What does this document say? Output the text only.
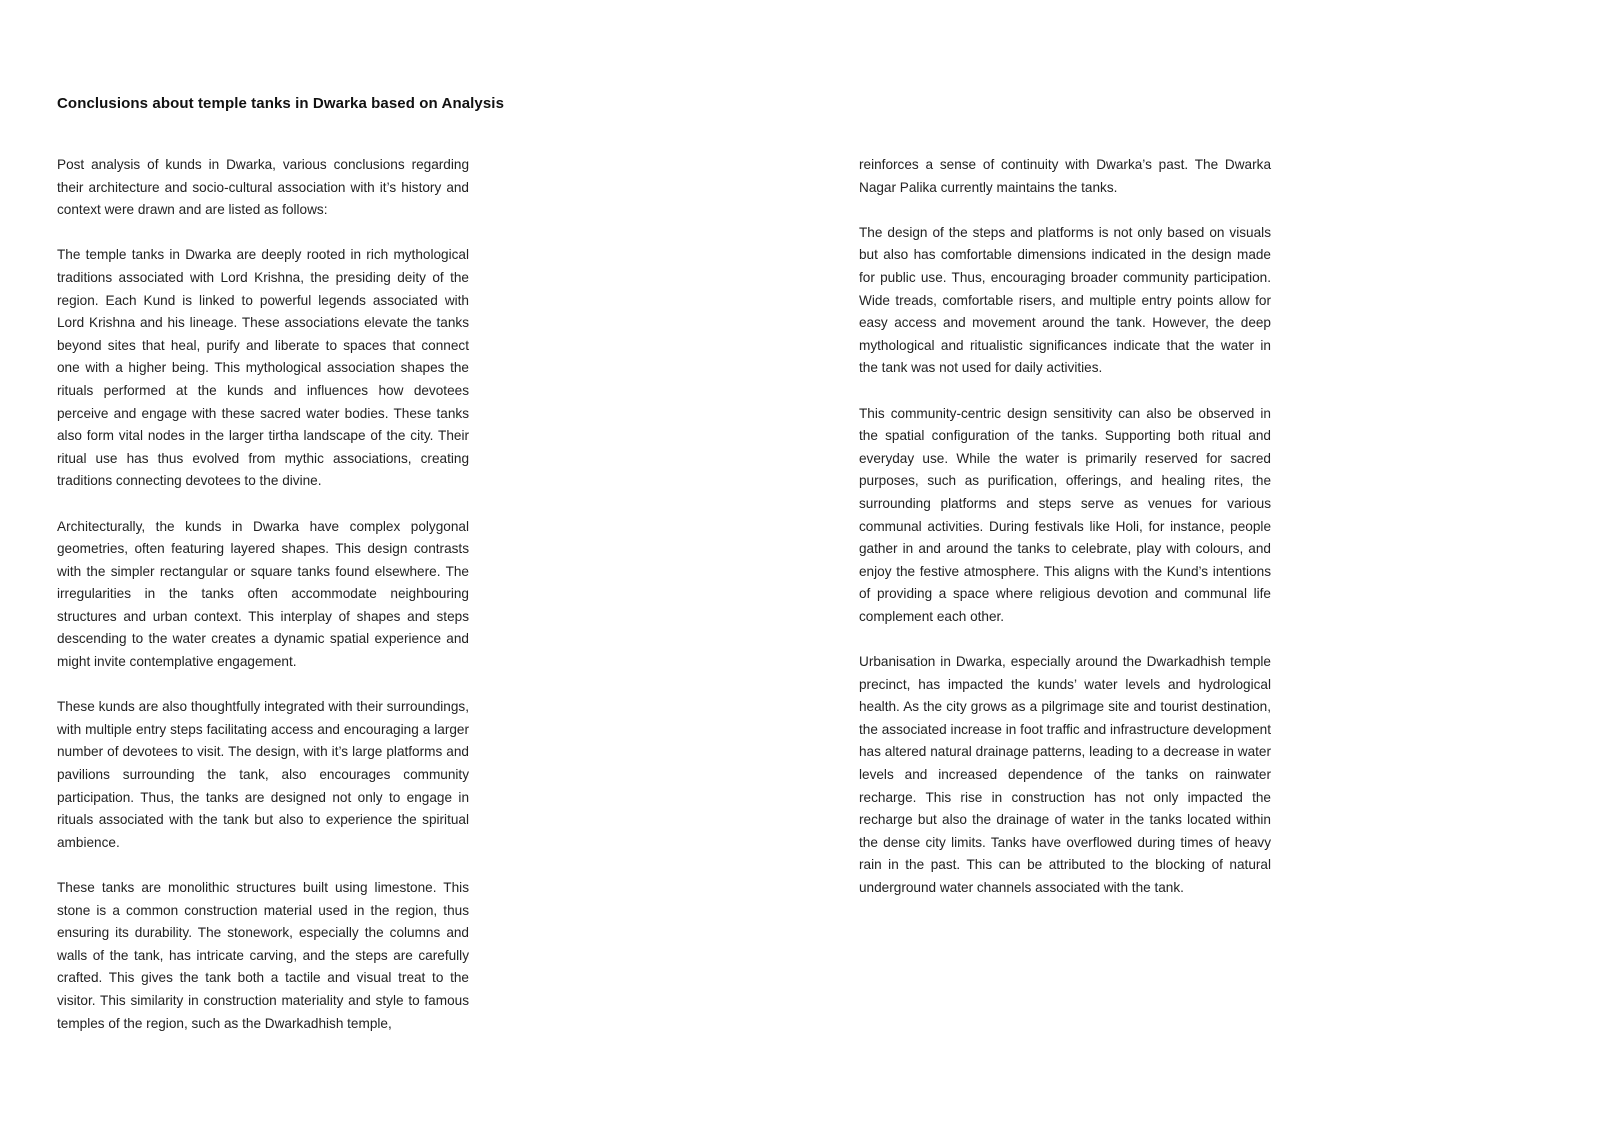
Conclusions about temple tanks in Dwarka based on Analysis

Post analysis of kunds in Dwarka, various conclusions regarding their architecture and socio-cultural association with it’s history and context were drawn and are listed as follows:

The temple tanks in Dwarka are deeply rooted in rich mythological traditions associated with Lord Krishna, the presiding deity of the region. Each Kund is linked to powerful legends associated with Lord Krishna and his lineage. These associations elevate the tanks beyond sites that heal, purify and liberate to spaces that connect one with a higher being. This mythological association shapes the rituals performed at the kunds and influences how devotees perceive and engage with these sacred water bodies. These tanks also form vital nodes in the larger tirtha landscape of the city. Their ritual use has thus evolved from mythic associations, creating traditions connecting devotees to the divine.

Architecturally, the kunds in Dwarka have complex polygonal geometries, often featuring layered shapes. This design contrasts with the simpler rectangular or square tanks found elsewhere. The irregularities in the tanks often accommodate neighbouring structures and urban context. This interplay of shapes and steps descending to the water creates a dynamic spatial experience and might invite contemplative engagement.

These kunds are also thoughtfully integrated with their surroundings, with multiple entry steps facilitating access and encouraging a larger number of devotees to visit. The design, with it’s large platforms and pavilions surrounding the tank, also encourages community participation. Thus, the tanks are designed not only to engage in rituals associated with the tank but also to experience the spiritual ambience.

These tanks are monolithic structures built using limestone. This stone is a common construction material used in the region, thus ensuring its durability. The stonework, especially the columns and walls of the tank, has intricate carving, and the steps are carefully crafted. This gives the tank both a tactile and visual treat to the visitor. This similarity in construction materiality and style to famous temples of the region, such as the Dwarkadhish temple,

reinforces a sense of continuity with Dwarka’s past. The Dwarka Nagar Palika currently maintains the tanks.

The design of the steps and platforms is not only based on visuals but also has comfortable dimensions indicated in the design made for public use. Thus, encouraging broader community participation. Wide treads, comfortable risers, and multiple entry points allow for easy access and movement around the tank. However, the deep mythological and ritualistic significances indicate that the water in the tank was not used for daily activities.

This community-centric design sensitivity can also be observed in the spatial configuration of the tanks. Supporting both ritual and everyday use. While the water is primarily reserved for sacred purposes, such as purification, offerings, and healing rites, the surrounding platforms and steps serve as venues for various communal activities. During festivals like Holi, for instance, people gather in and around the tanks to celebrate, play with colours, and enjoy the festive atmosphere. This aligns with the Kund’s intentions of providing a space where religious devotion and communal life complement each other.

Urbanisation in Dwarka, especially around the Dwarkadhish temple precinct, has impacted the kunds’ water levels and hydrological health. As the city grows as a pilgrimage site and tourist destination, the associated increase in foot traffic and infrastructure development has altered natural drainage patterns, leading to a decrease in water levels and increased dependence of the tanks on rainwater recharge. This rise in construction has not only impacted the recharge but also the drainage of water in the tanks located within the dense city limits. Tanks have overflowed during times of heavy rain in the past. This can be attributed to the blocking of natural underground water channels associated with the tank.
